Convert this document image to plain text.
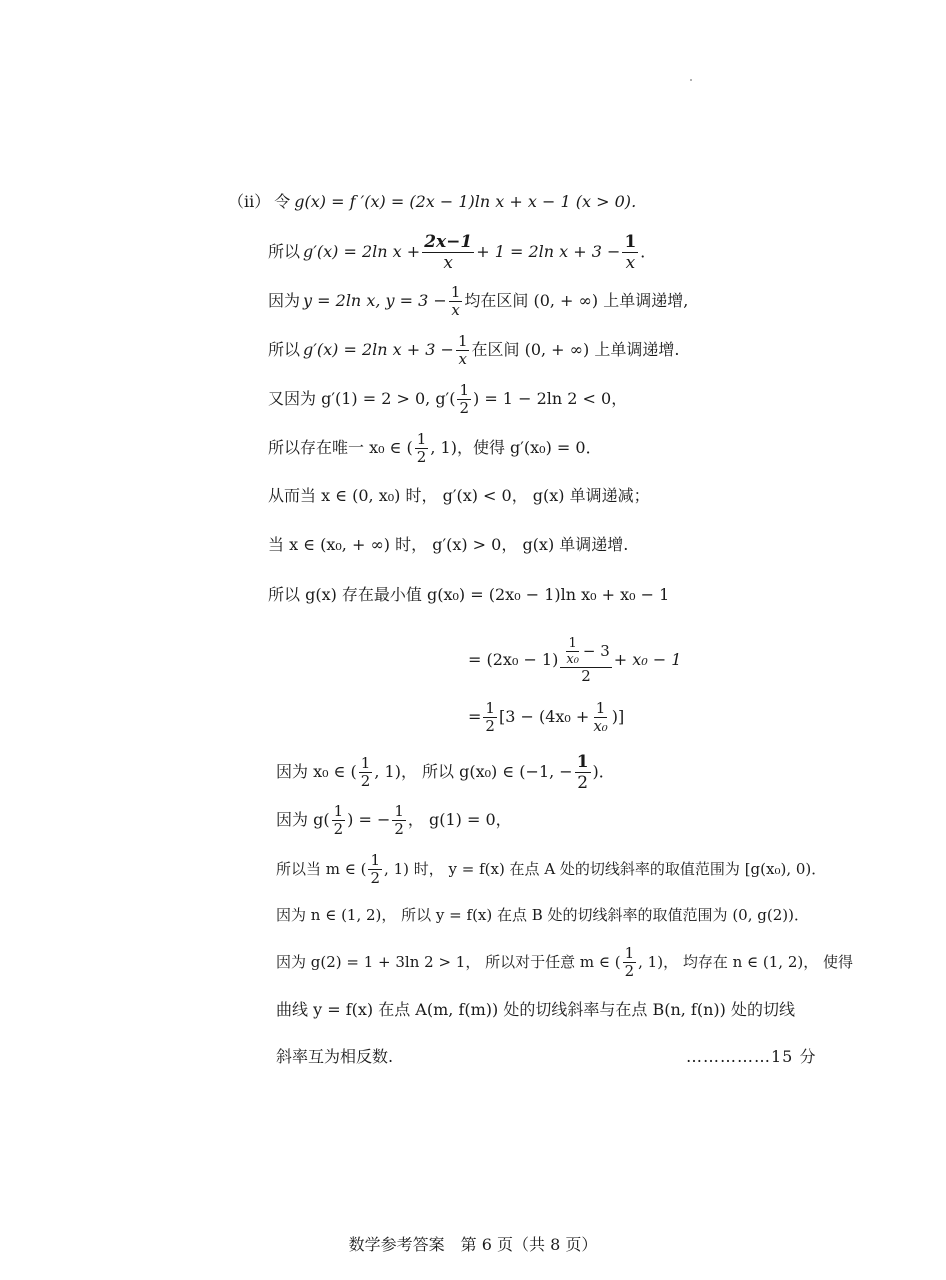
（ii） 令 g(x) = f ′(x) = (2x − 1)ln x + x − 1 (x > 0)．
所以 g′(x) = 2ln $x + \frac{2x-1}{x} + 1 = 2\ln$ $x + 3 - \frac{1}{x}$ ．
因为 y = 2ln x, $y = 3 - \frac{1}{x}$ 均在区间 (0, + ∞) 上单调递增,
所以 g′(x) = 2ln $x + 3 - \frac{1}{x}$ 在区间 (0, + ∞) 上单调递增.
又因为 g′(1) = 2 > 0, $g'( \frac{1}{2}$ ) = 1 − 2ln 2 < 0，
所以存在唯一 x₀ ∈ ( $\frac{1}{2}$ , 1)，使得 g′(x₀) = 0．
从而当 x ∈ (0, x₀) 时， g′(x) < 0， g(x) 单调递减；
当 x ∈ (x₀, + ∞) 时， g′(x) > 0， g(x) 单调递增.
所以 g(x) 存在最小值 g(x₀) = (2x₀ − 1)ln x₀ + x₀ − 1
= $(2x_0 - 1) \frac{\frac{1}{\text{x₀}} - 3}{2} + x_0 - 1$
= $\frac{1}{2} [3 - (4x_0 + \frac{1}{\text{x₀}}$ )]
因为 x₀ ∈ ( $\frac{1}{2}$ , 1)， 所以 g(x₀) ∈ (−1, − $\frac{1}{2}$ )．
因为 $g( \frac{1}{2}$ ) = − $\frac{1}{2}$ ， g(1) = 0，
所以当 m ∈ ( $\frac{1}{2}$ , 1) 时， y = f(x) 在点 A 处的切线斜率的取值范围为 [g(x₀), 0)．
因为 n ∈ (1, 2)， 所以 y = f(x) 在点 B 处的切线斜率的取值范围为 (0, g(2))．
因为 g(2) = 1 + 3ln 2 > 1， 所以对于任意 m ∈ ( $\frac{1}{2}$ , 1)， 均存在 n ∈ (1, 2)， 使得
曲线 y = f(x) 在点 A(m, f(m)) 处的切线斜率与在点 B(n, f(n)) 处的切线
斜率互为相反数.	……………15 分
数学参考答案　第 6 页（共 8 页）
